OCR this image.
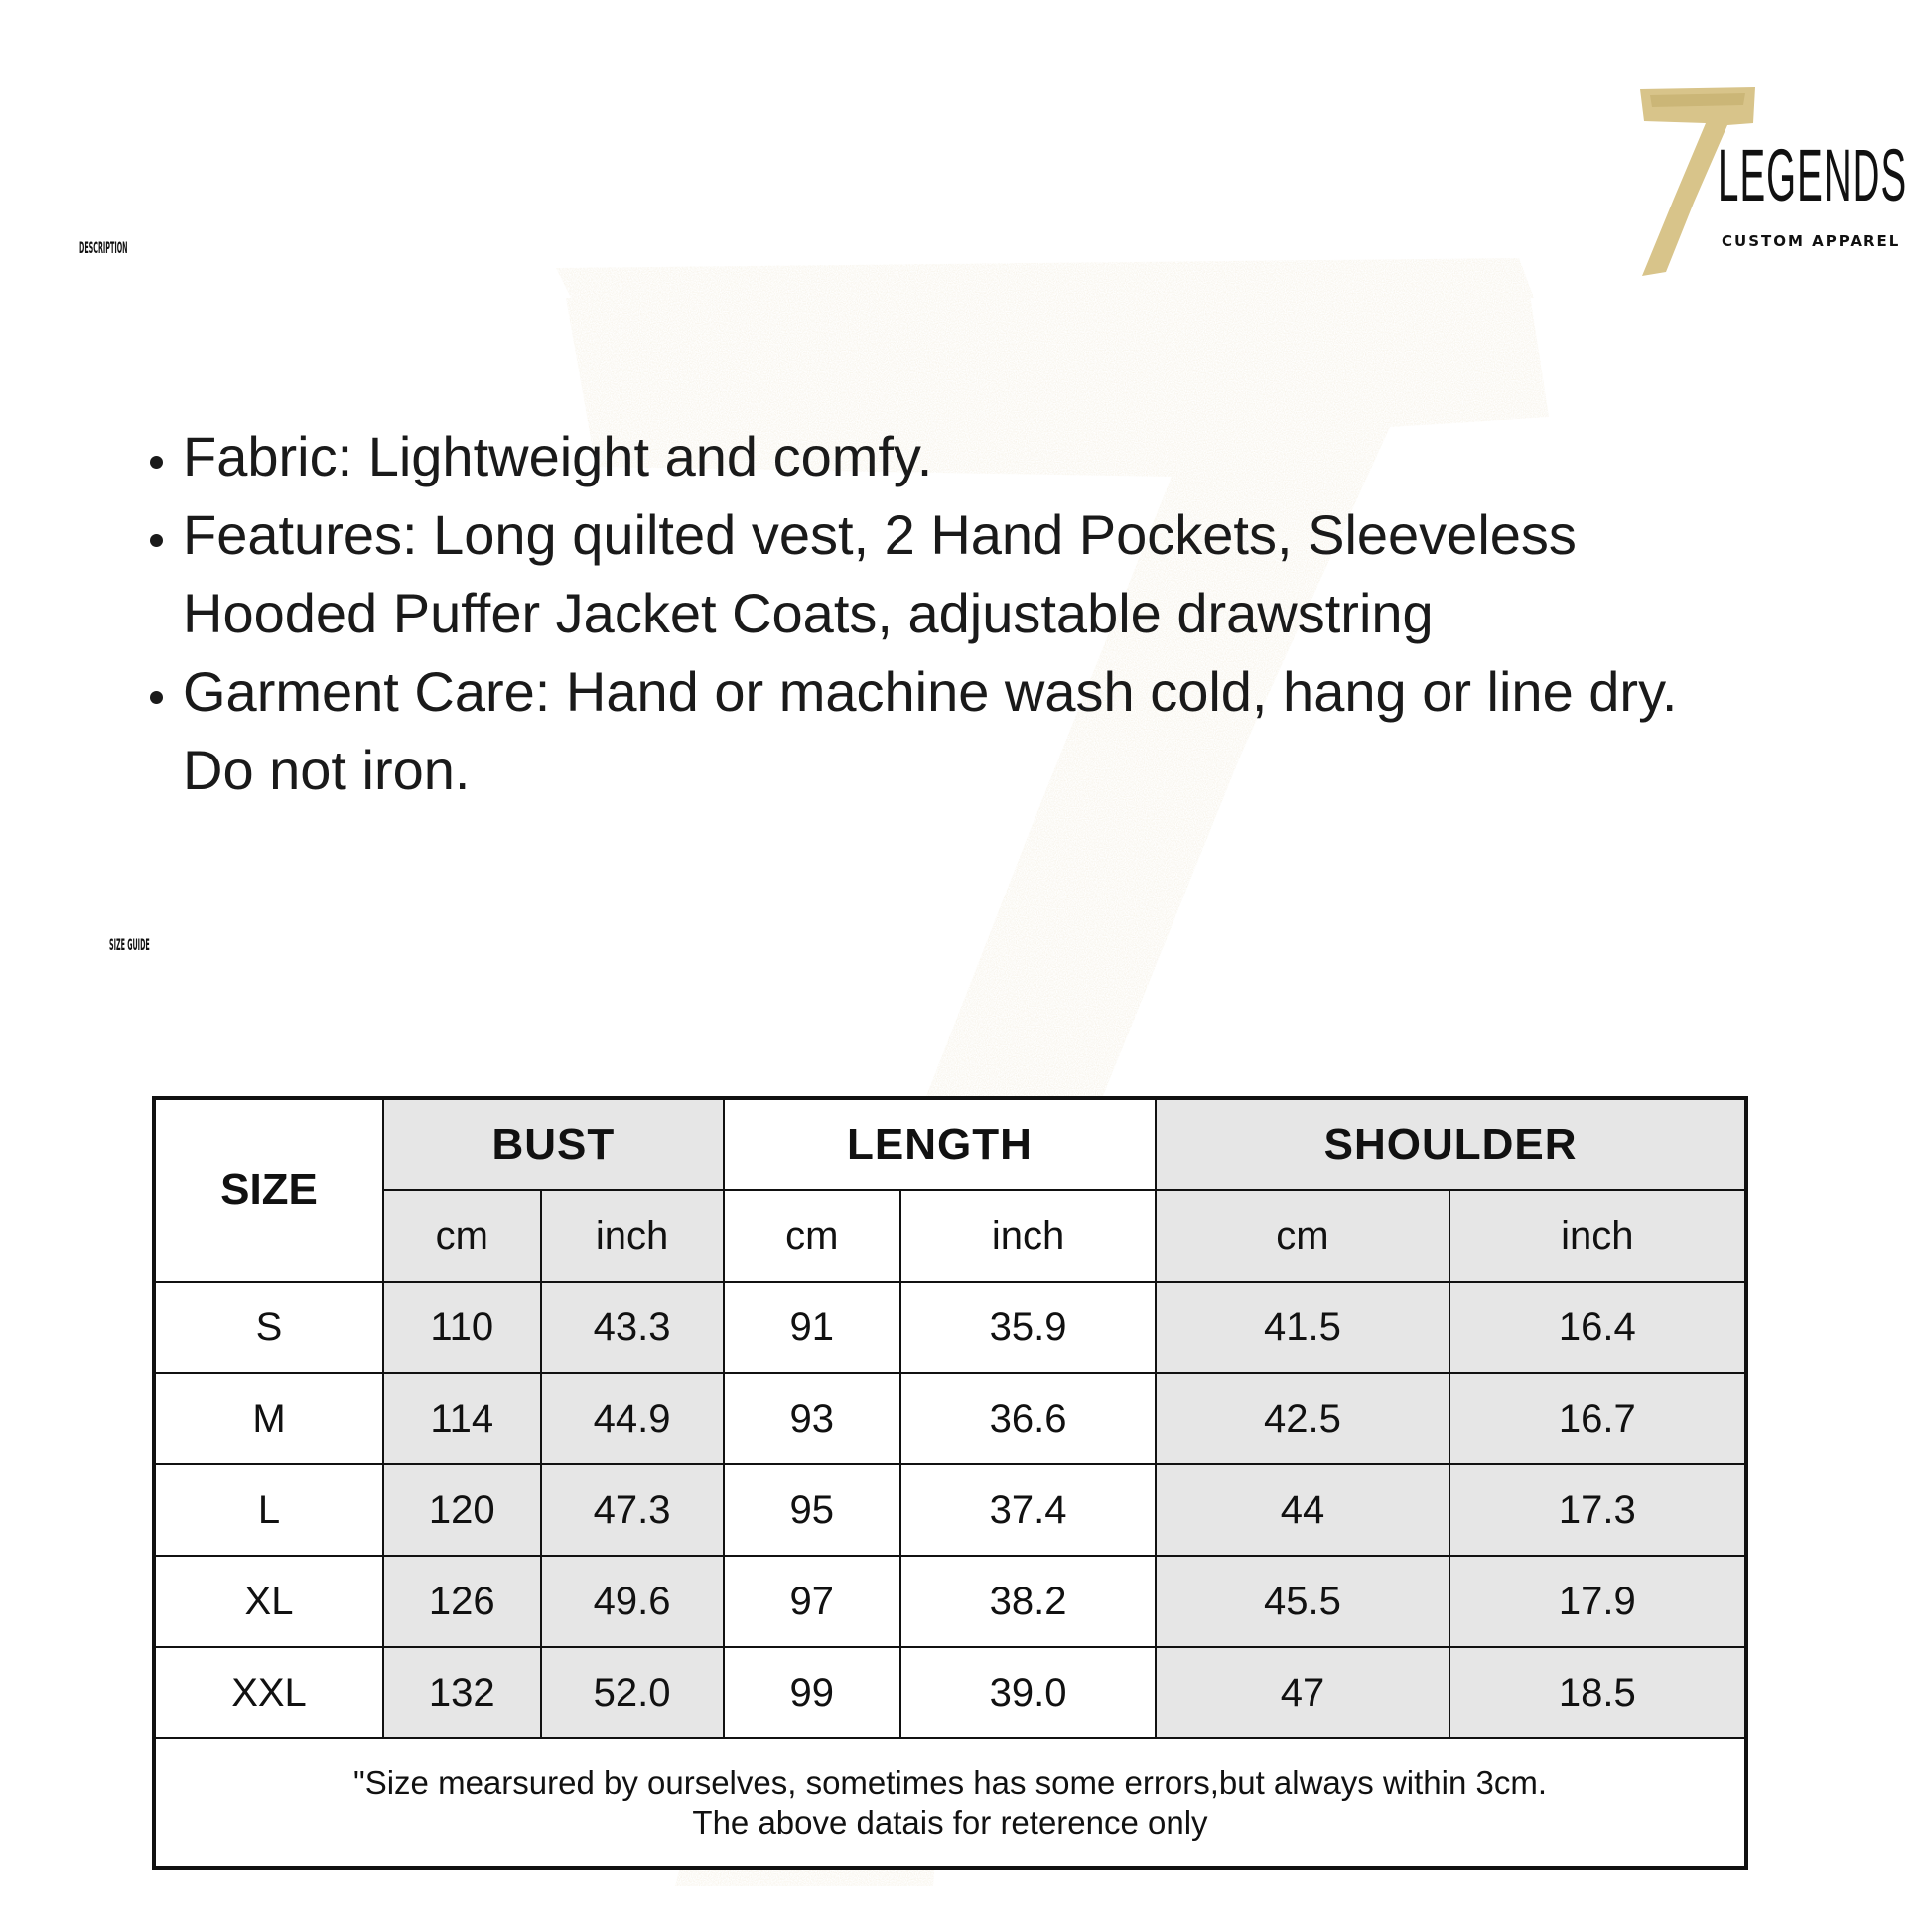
LEGENDS
CUSTOM APPAREL
DESCRIPTION
• Fabric: Lightweight and comfy.
• Features: Long quilted vest, 2 Hand Pockets, Sleeveless Hooded Puffer Jacket Coats, adjustable drawstring
• Garment Care: Hand or machine wash cold, hang or line dry. Do not iron.
SIZE GUIDE
SIZE	BUST		LENGTH		SHOULDER	
	cm	inch	cm	inch	cm	inch
S	110	43.3	91	35.9	41.5	16.4
M	114	44.9	93	36.6	42.5	16.7
L	120	47.3	95	37.4	44	17.3
XL	126	49.6	97	38.2	45.5	17.9
XXL	132	52.0	99	39.0	47	18.5

"Size mearsured by ourselves, sometimes has some errors,but always within 3cm.
The above datais for reterence only						
